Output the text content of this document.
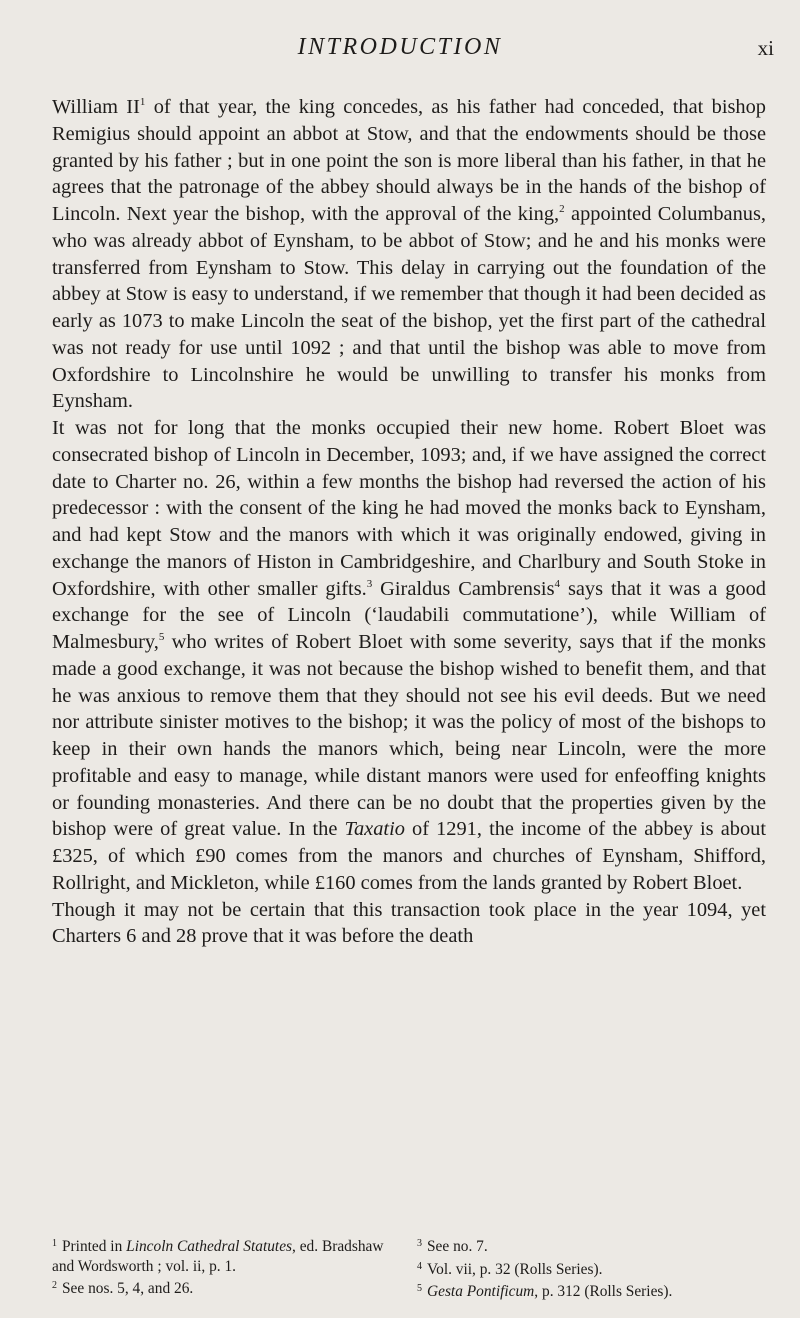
INTRODUCTION	xi

William $II^1$ of that year, the king concedes, as his father had conceded, that bishop Remigius should appoint an abbot at Stow, and that the endowments should be those granted by his father ; but in one point the son is more liberal than his father, in that he agrees that the patronage of the abbey should always be in the hands of the bishop of Lincoln. Next year the bishop, with the approval of the king,$^2$ appointed Columbanus, who was already abbot of Eynsham, to be abbot of Stow; and he and his monks were transferred from Eynsham to Stow. This delay in carrying out the foundation of the abbey at Stow is easy to understand, if we remember that though it had been decided as early as 1073 to make Lincoln the seat of the bishop, yet the first part of the cathedral was not ready for use until 1092 ; and that until the bishop was able to move from Oxfordshire to Lincolnshire he would be unwilling to transfer his monks from Eynsham.

It was not for long that the monks occupied their new home. Robert Bloet was consecrated bishop of Lincoln in December, 1093; and, if we have assigned the correct date to Charter no. 26, within a few months the bishop had reversed the action of his predecessor : with the consent of the king he had moved the monks back to Eynsham, and had kept Stow and the manors with which it was originally endowed, giving in exchange the manors of Histon in Cambridgeshire, and Charlbury and South Stoke in Oxfordshire, with other smaller gifts.$^3$ Giraldus Cambrensis$^4$ says that it was a good exchange for the see of Lincoln (‘laudabili commutatione’), while William of Malmesbury,$^5$ who writes of Robert Bloet with some severity, says that if the monks made a good exchange, it was not because the bishop wished to benefit them, and that he was anxious to remove them that they should not see his evil deeds. But we need nor attribute sinister motives to the bishop; it was the policy of most of the bishops to keep in their own hands the manors which, being near Lincoln, were the more profitable and easy to manage, while distant manors were used for enfeoffing knights or founding monasteries. And there can be no doubt that the properties given by the bishop were of great value. In the Taxatio of 1291, the income of the abbey is about £325, of which £90 comes from the manors and churches of Eynsham, Shifford, Rollright, and Mickleton, while £160 comes from the lands granted by Robert Bloet.

Though it may not be certain that this transaction took place in the year 1094, yet Charters 6 and 28 prove that it was before the death

$^1$ Printed in Lincoln Cathedral Statutes, ed. Bradshaw and Wordsworth ; vol. ii, p. 1.

$^2$ See nos. 5, 4, and 26.

$^3$ See no. 7.

$^4$ Vol. vii, p. 32 (Rolls Series).

$^5$ Gesta Pontificum, p. 312 (Rolls Series).
